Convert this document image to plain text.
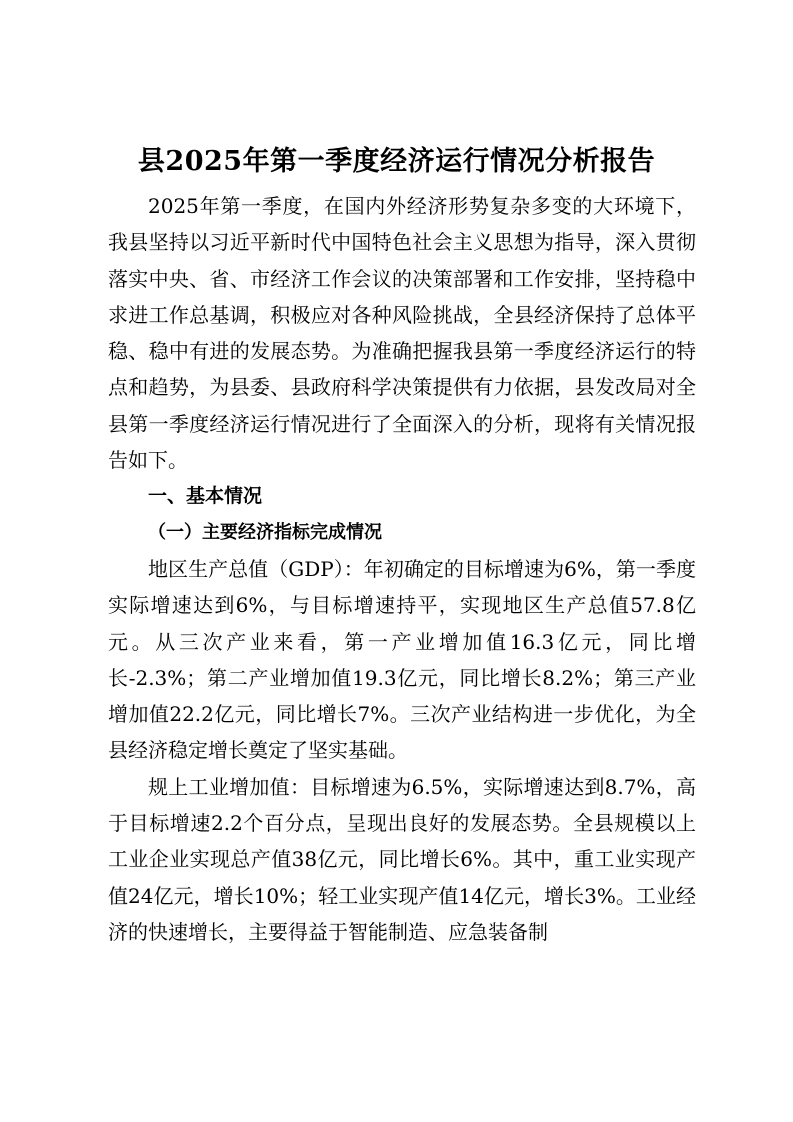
县2025年第一季度经济运行情况分析报告

2025年第一季度，在国内外经济形势复杂多变的大环境下，我县坚持以习近平新时代中国特色社会主义思想为指导，深入贯彻落实中央、省、市经济工作会议的决策部署和工作安排，坚持稳中求进工作总基调，积极应对各种风险挑战，全县经济保持了总体平稳、稳中有进的发展态势。为准确把握我县第一季度经济运行的特点和趋势，为县委、县政府科学决策提供有力依据，县发改局对全县第一季度经济运行情况进行了全面深入的分析，现将有关情况报告如下。

一、基本情况

（一）主要经济指标完成情况

地区生产总值（GDP）：年初确定的目标增速为6%，第一季度实际增速达到6%，与目标增速持平，实现地区生产总值57.8亿元。从三次产业来看，第一产业增加值16.3亿元，同比增长-2.3%；第二产业增加值19.3亿元，同比增长8.2%；第三产业增加值22.2亿元，同比增长7%。三次产业结构进一步优化，为全县经济稳定增长奠定了坚实基础。

规上工业增加值：目标增速为6.5%，实际增速达到8.7%，高于目标增速2.2个百分点，呈现出良好的发展态势。全县规模以上工业企业实现总产值38亿元，同比增长6%。其中，重工业实现产值24亿元，增长10%；轻工业实现产值14亿元，增长3%。工业经济的快速增长，主要得益于智能制造、应急装备制
